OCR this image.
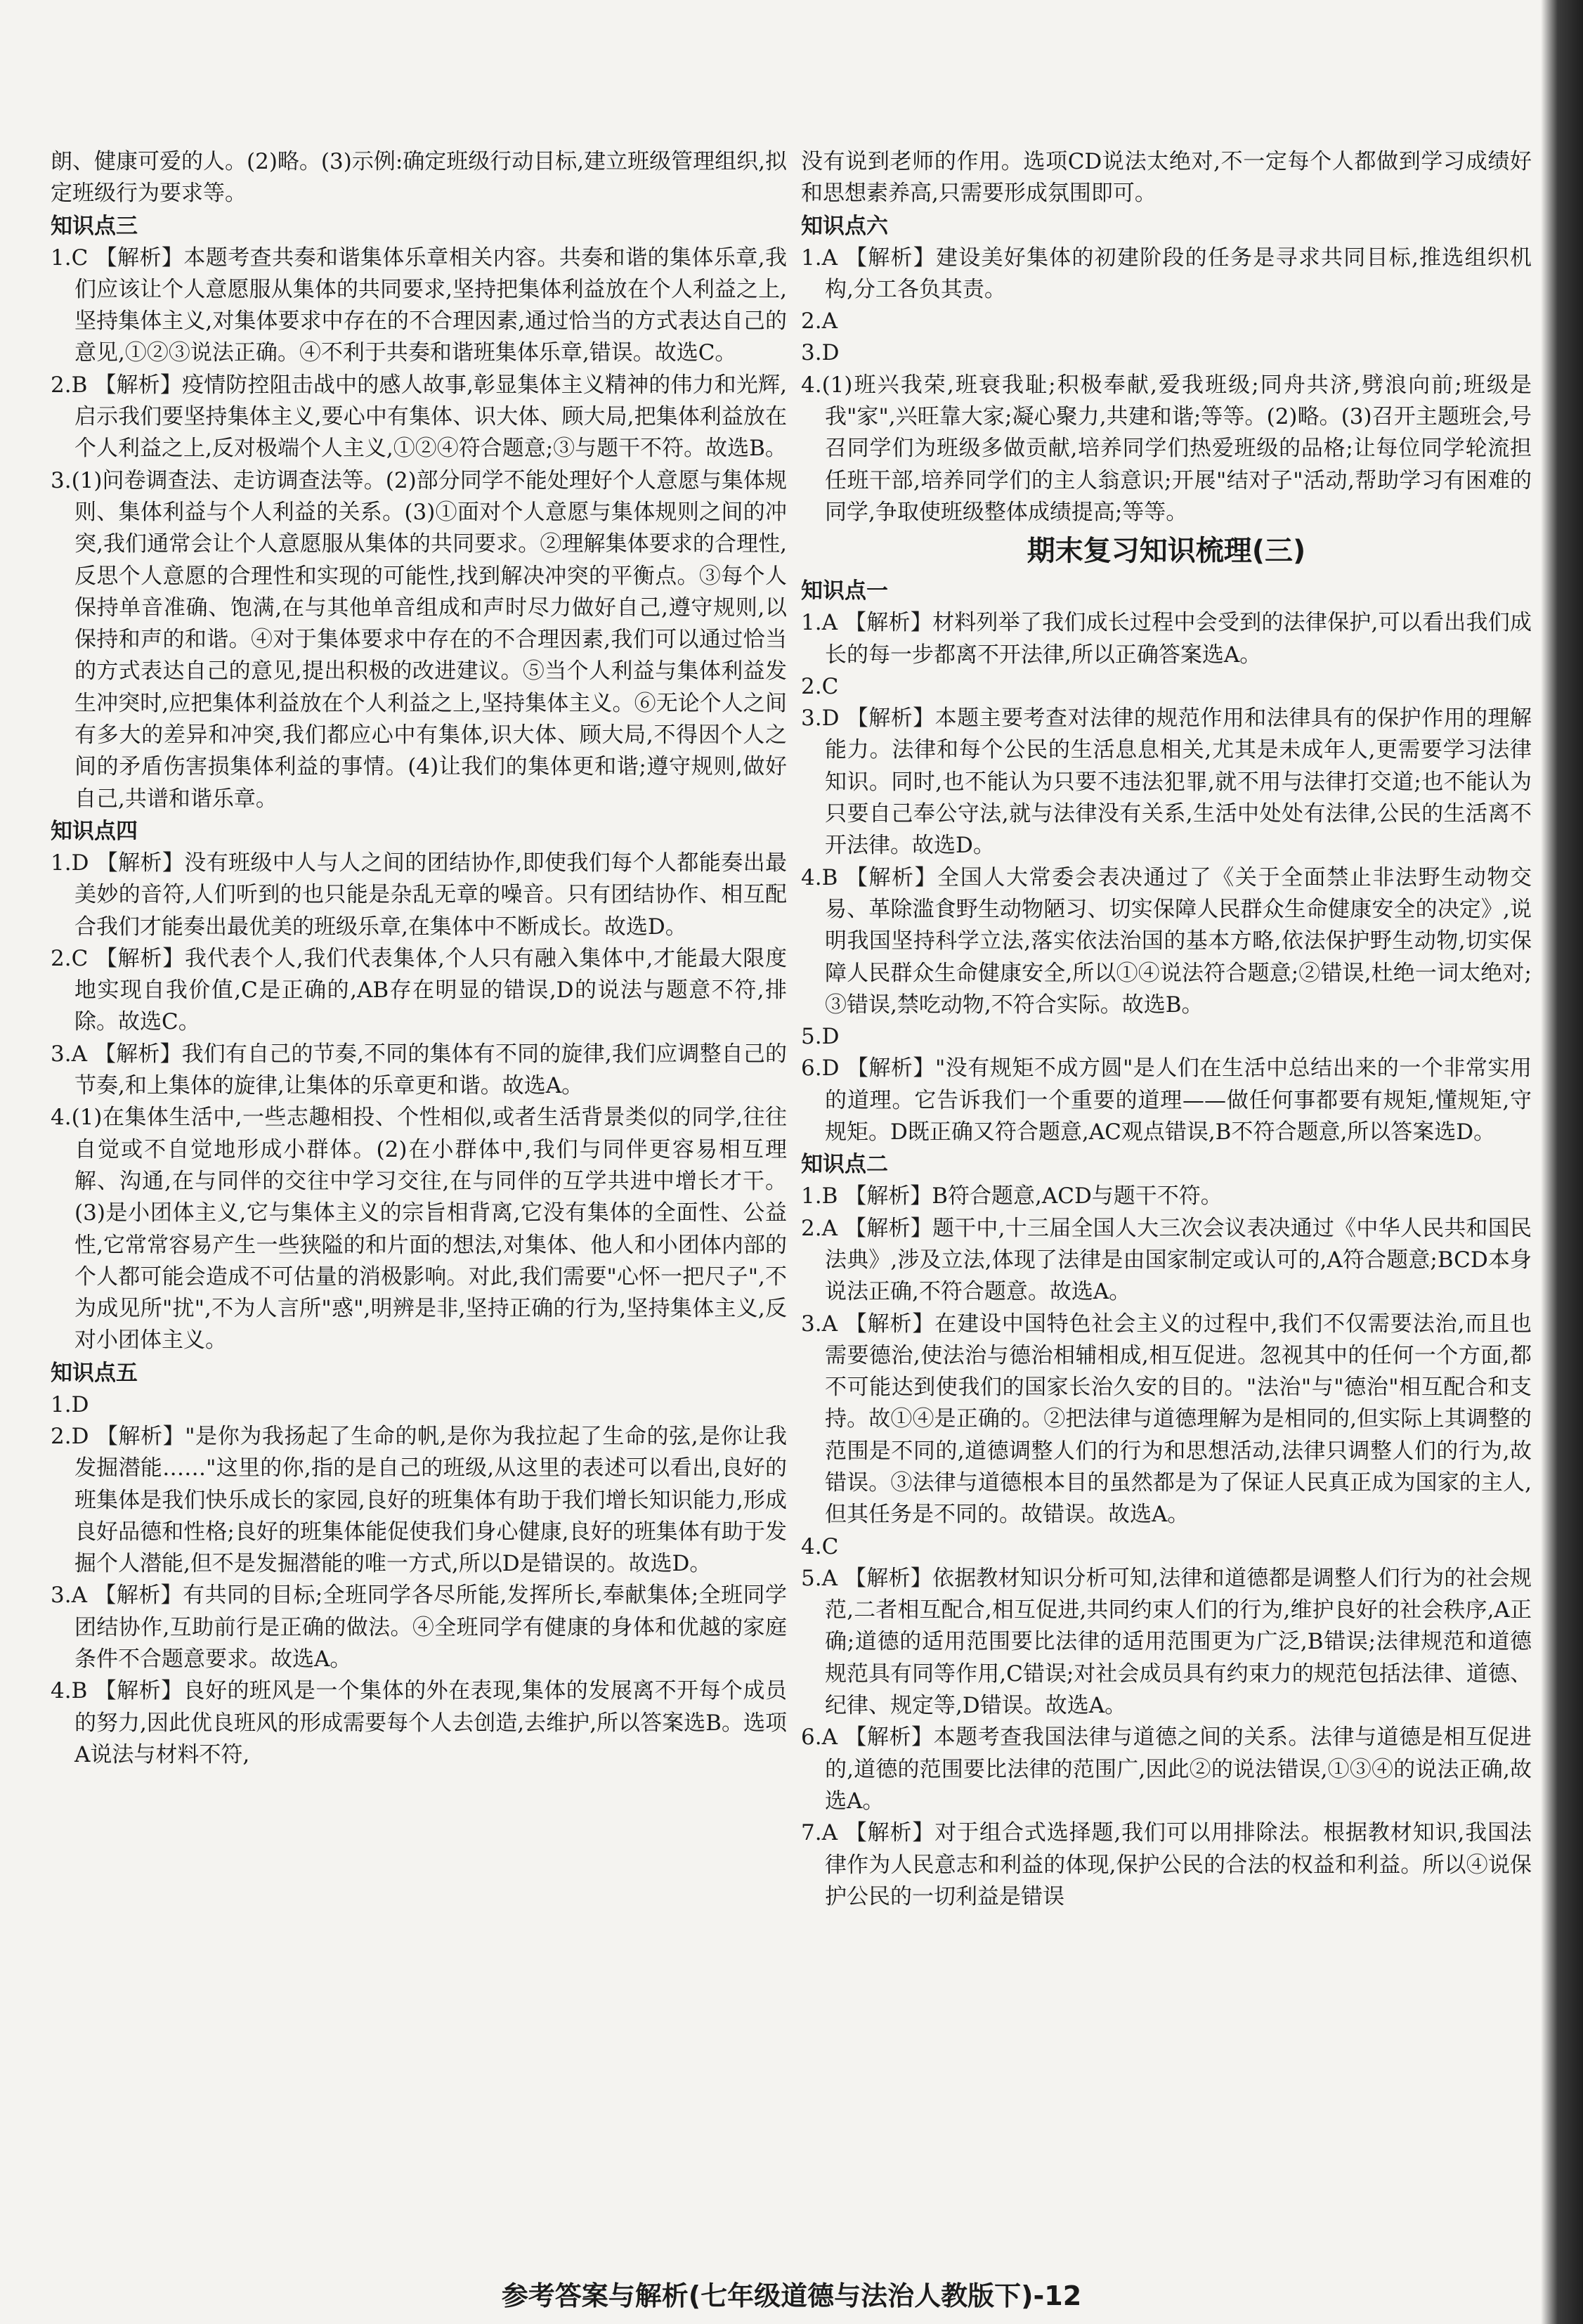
朗、健康可爱的人。(2)略。(3)示例:确定班级行动目标,建立班级管理组织,拟定班级行为要求等。
知识点三
1.C 【解析】本题考查共奏和谐集体乐章相关内容。共奏和谐的集体乐章,我们应该让个人意愿服从集体的共同要求,坚持把集体利益放在个人利益之上,坚持集体主义,对集体要求中存在的不合理因素,通过恰当的方式表达自己的意见,①②③说法正确。④不利于共奏和谐班集体乐章,错误。故选C。
2.B 【解析】疫情防控阻击战中的感人故事,彰显集体主义精神的伟力和光辉,启示我们要坚持集体主义,要心中有集体、识大体、顾大局,把集体利益放在个人利益之上,反对极端个人主义,①②④符合题意;③与题干不符。故选B。
3.(1)问卷调查法、走访调查法等。(2)部分同学不能处理好个人意愿与集体规则、集体利益与个人利益的关系。(3)①面对个人意愿与集体规则之间的冲突,我们通常会让个人意愿服从集体的共同要求。②理解集体要求的合理性,反思个人意愿的合理性和实现的可能性,找到解决冲突的平衡点。③每个人保持单音准确、饱满,在与其他单音组成和声时尽力做好自己,遵守规则,以保持和声的和谐。④对于集体要求中存在的不合理因素,我们可以通过恰当的方式表达自己的意见,提出积极的改进建议。⑤当个人利益与集体利益发生冲突时,应把集体利益放在个人利益之上,坚持集体主义。⑥无论个人之间有多大的差异和冲突,我们都应心中有集体,识大体、顾大局,不得因个人之间的矛盾伤害损集体利益的事情。(4)让我们的集体更和谐;遵守规则,做好自己,共谱和谐乐章。
知识点四
1.D 【解析】没有班级中人与人之间的团结协作,即使我们每个人都能奏出最美妙的音符,人们听到的也只能是杂乱无章的噪音。只有团结协作、相互配合我们才能奏出最优美的班级乐章,在集体中不断成长。故选D。
2.C 【解析】我代表个人,我们代表集体,个人只有融入集体中,才能最大限度地实现自我价值,C是正确的,AB存在明显的错误,D的说法与题意不符,排除。故选C。
3.A 【解析】我们有自己的节奏,不同的集体有不同的旋律,我们应调整自己的节奏,和上集体的旋律,让集体的乐章更和谐。故选A。
4.(1)在集体生活中,一些志趣相投、个性相似,或者生活背景类似的同学,往往自觉或不自觉地形成小群体。(2)在小群体中,我们与同伴更容易相互理解、沟通,在与同伴的交往中学习交往,在与同伴的互学共进中增长才干。(3)是小团体主义,它与集体主义的宗旨相背离,它没有集体的全面性、公益性,它常常容易产生一些狭隘的和片面的想法,对集体、他人和小团体内部的个人都可能会造成不可估量的消极影响。对此,我们需要"心怀一把尺子",不为成见所"扰",不为人言所"惑",明辨是非,坚持正确的行为,坚持集体主义,反对小团体主义。
知识点五
1.D
2.D 【解析】"是你为我扬起了生命的帆,是你为我拉起了生命的弦,是你让我发掘潜能……"这里的你,指的是自己的班级,从这里的表述可以看出,良好的班集体是我们快乐成长的家园,良好的班集体有助于我们增长知识能力,形成良好品德和性格;良好的班集体能促使我们身心健康,良好的班集体有助于发掘个人潜能,但不是发掘潜能的唯一方式,所以D是错误的。故选D。
3.A 【解析】有共同的目标;全班同学各尽所能,发挥所长,奉献集体;全班同学团结协作,互助前行是正确的做法。④全班同学有健康的身体和优越的家庭条件不合题意要求。故选A。
4.B 【解析】良好的班风是一个集体的外在表现,集体的发展离不开每个成员的努力,因此优良班风的形成需要每个人去创造,去维护,所以答案选B。选项A说法与材料不符,
没有说到老师的作用。选项CD说法太绝对,不一定每个人都做到学习成绩好和思想素养高,只需要形成氛围即可。
知识点六
1.A 【解析】建设美好集体的初建阶段的任务是寻求共同目标,推选组织机构,分工各负其责。
2.A
3.D
4.(1)班兴我荣,班衰我耻;积极奉献,爱我班级;同舟共济,劈浪向前;班级是我"家",兴旺靠大家;凝心聚力,共建和谐;等等。(2)略。(3)召开主题班会,号召同学们为班级多做贡献,培养同学们热爱班级的品格;让每位同学轮流担任班干部,培养同学们的主人翁意识;开展"结对子"活动,帮助学习有困难的同学,争取使班级整体成绩提高;等等。
期末复习知识梳理(三)
知识点一
1.A 【解析】材料列举了我们成长过程中会受到的法律保护,可以看出我们成长的每一步都离不开法律,所以正确答案选A。
2.C
3.D 【解析】本题主要考查对法律的规范作用和法律具有的保护作用的理解能力。法律和每个公民的生活息息相关,尤其是未成年人,更需要学习法律知识。同时,也不能认为只要不违法犯罪,就不用与法律打交道;也不能认为只要自己奉公守法,就与法律没有关系,生活中处处有法律,公民的生活离不开法律。故选D。
4.B 【解析】全国人大常委会表决通过了《关于全面禁止非法野生动物交易、革除滥食野生动物陋习、切实保障人民群众生命健康安全的决定》,说明我国坚持科学立法,落实依法治国的基本方略,依法保护野生动物,切实保障人民群众生命健康安全,所以①④说法符合题意;②错误,杜绝一词太绝对;③错误,禁吃动物,不符合实际。故选B。
5.D
6.D 【解析】"没有规矩不成方圆"是人们在生活中总结出来的一个非常实用的道理。它告诉我们一个重要的道理——做任何事都要有规矩,懂规矩,守规矩。D既正确又符合题意,AC观点错误,B不符合题意,所以答案选D。
知识点二
1.B 【解析】B符合题意,ACD与题干不符。
2.A 【解析】题干中,十三届全国人大三次会议表决通过《中华人民共和国民法典》,涉及立法,体现了法律是由国家制定或认可的,A符合题意;BCD本身说法正确,不符合题意。故选A。
3.A 【解析】在建设中国特色社会主义的过程中,我们不仅需要法治,而且也需要德治,使法治与德治相辅相成,相互促进。忽视其中的任何一个方面,都不可能达到使我们的国家长治久安的目的。"法治"与"德治"相互配合和支持。故①④是正确的。②把法律与道德理解为是相同的,但实际上其调整的范围是不同的,道德调整人们的行为和思想活动,法律只调整人们的行为,故错误。③法律与道德根本目的虽然都是为了保证人民真正成为国家的主人,但其任务是不同的。故错误。故选A。
4.C
5.A 【解析】依据教材知识分析可知,法律和道德都是调整人们行为的社会规范,二者相互配合,相互促进,共同约束人们的行为,维护良好的社会秩序,A正确;道德的适用范围要比法律的适用范围更为广泛,B错误;法律规范和道德规范具有同等作用,C错误;对社会成员具有约束力的规范包括法律、道德、纪律、规定等,D错误。故选A。
6.A 【解析】本题考查我国法律与道德之间的关系。法律与道德是相互促进的,道德的范围要比法律的范围广,因此②的说法错误,①③④的说法正确,故选A。
7.A 【解析】对于组合式选择题,我们可以用排除法。根据教材知识,我国法律作为人民意志和利益的体现,保护公民的合法的权益和利益。所以④说保护公民的一切利益是错误
参考答案与解析(七年级道德与法治人教版下)-12
